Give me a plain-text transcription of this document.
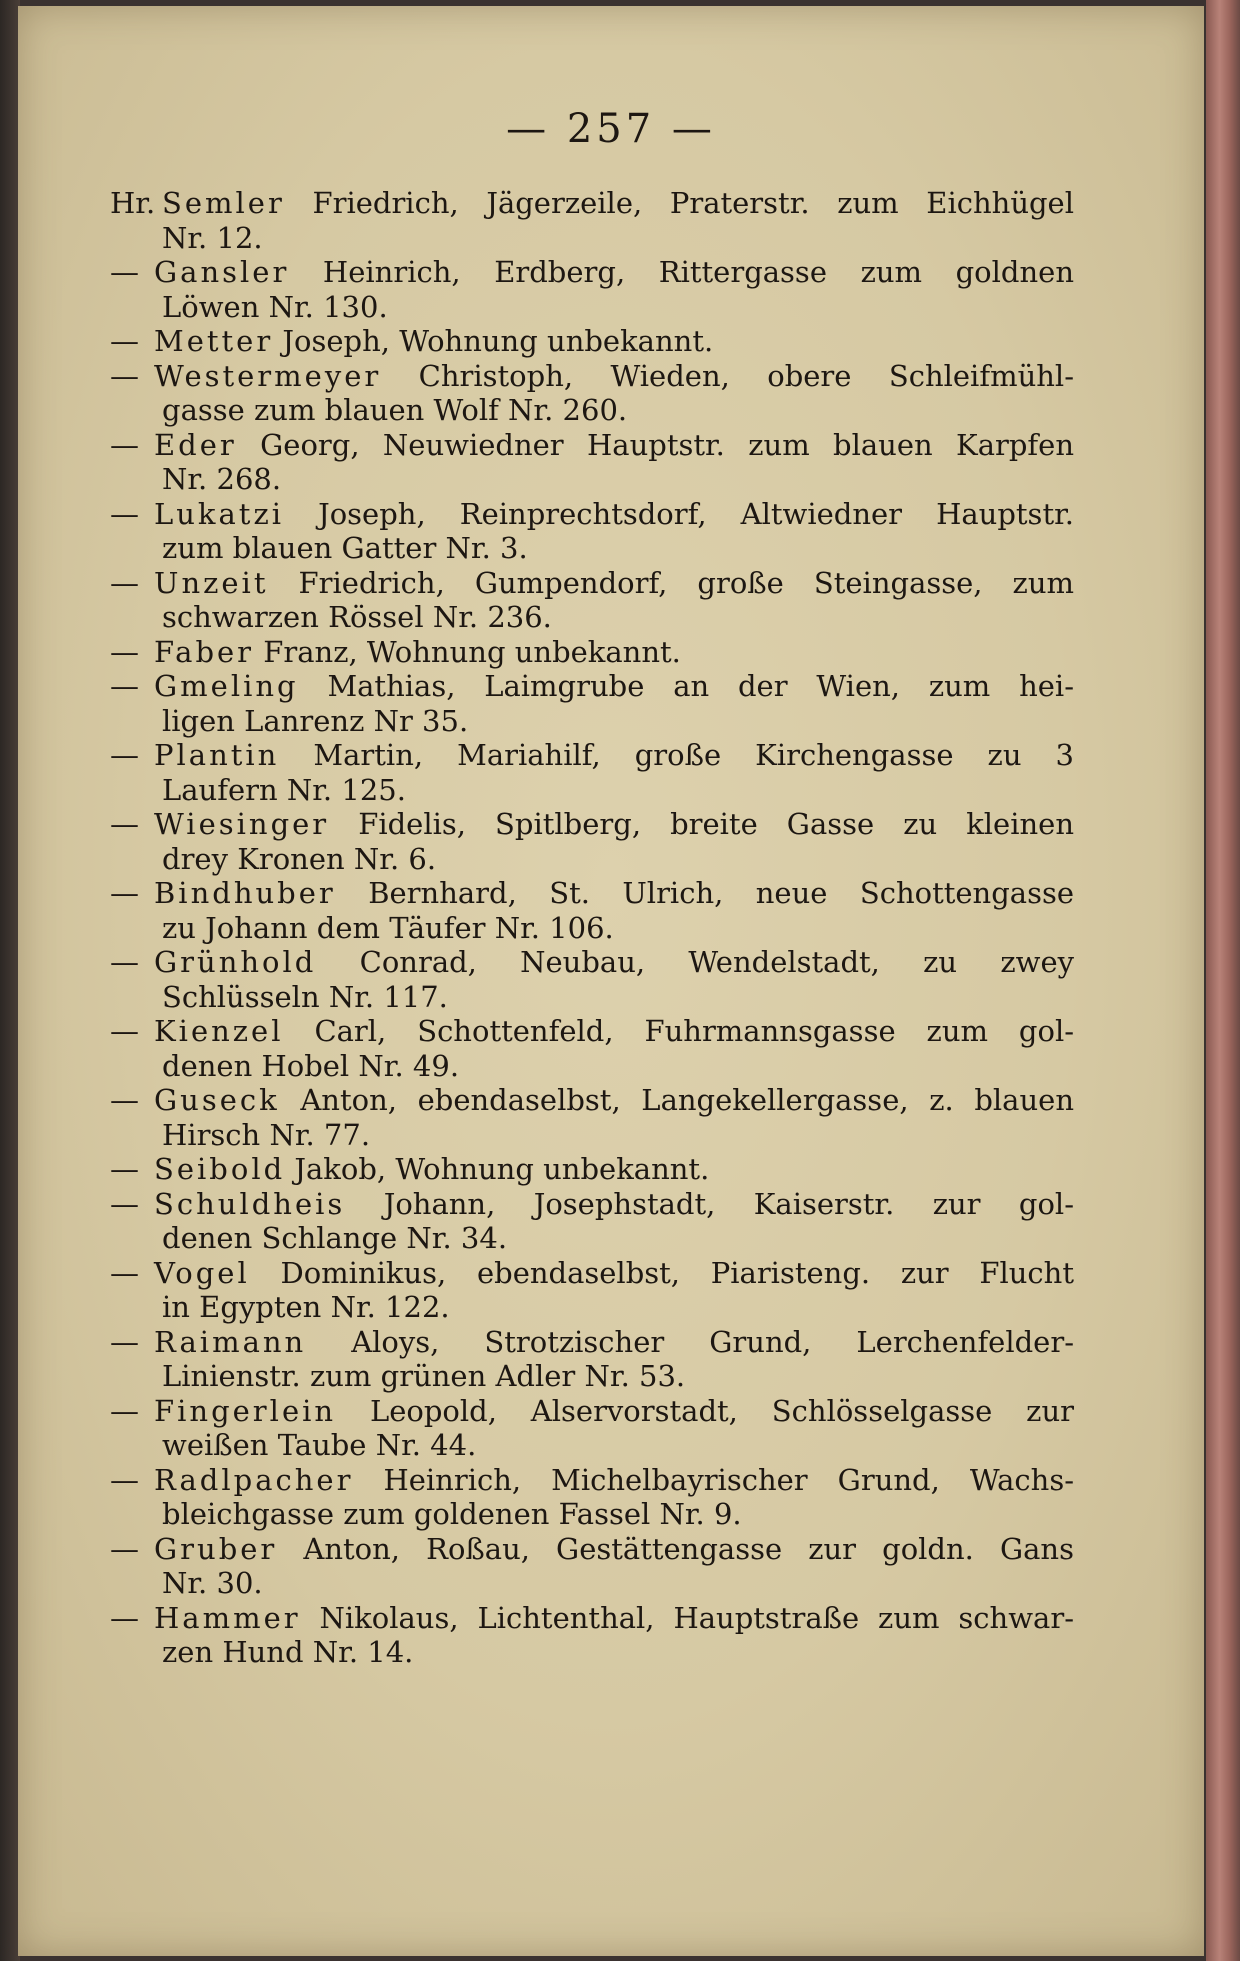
— 257 —
Hr. Semler Friedrich, Jägerzeile, Praterstr. zum Eichhügel
Nr. 12.
— Gansler Heinrich, Erdberg, Rittergasse zum goldnen
Löwen Nr. 130.
— Metter Joseph, Wohnung unbekannt.
— Westermeyer Christoph, Wieden, obere Schleifmühl-
gasse zum blauen Wolf Nr. 260.
— Eder Georg, Neuwiedner Hauptstr. zum blauen Karpfen
Nr. 268.
— Lukatzi Joseph, Reinprechtsdorf, Altwiedner Hauptstr.
zum blauen Gatter Nr. 3.
— Unzeit Friedrich, Gumpendorf, große Steingasse, zum
schwarzen Rössel Nr. 236.
— Faber Franz, Wohnung unbekannt.
— Gmeling Mathias, Laimgrube an der Wien, zum hei-
ligen Lanrenz Nr 35.
— Plantin Martin, Mariahilf, große Kirchengasse zu 3
Laufern Nr. 125.
— Wiesinger Fidelis, Spitlberg, breite Gasse zu kleinen
drey Kronen Nr. 6.
— Bindhuber Bernhard, St. Ulrich, neue Schottengasse
zu Johann dem Täufer Nr. 106.
— Grünhold Conrad, Neubau, Wendelstadt, zu zwey
Schlüsseln Nr. 117.
— Kienzel Carl, Schottenfeld, Fuhrmannsgasse zum gol-
denen Hobel Nr. 49.
— Guseck Anton, ebendaselbst, Langekellergasse, z. blauen
Hirsch Nr. 77.
— Seibold Jakob, Wohnung unbekannt.
— Schuldheis Johann, Josephstadt, Kaiserstr. zur gol-
denen Schlange Nr. 34.
— Vogel Dominikus, ebendaselbst, Piaristeng. zur Flucht
in Egypten Nr. 122.
— Raimann Aloys, Strotzischer Grund, Lerchenfelder-
Linienstr. zum grünen Adler Nr. 53.
— Fingerlein Leopold, Alservorstadt, Schlösselgasse zur
weißen Taube Nr. 44.
— Radlpacher Heinrich, Michelbayrischer Grund, Wachs-
bleichgasse zum goldenen Fassel Nr. 9.
— Gruber Anton, Roßau, Gestättengasse zur goldn. Gans
Nr. 30.
— Hammer Nikolaus, Lichtenthal, Hauptstraße zum schwar-
zen Hund Nr. 14.
